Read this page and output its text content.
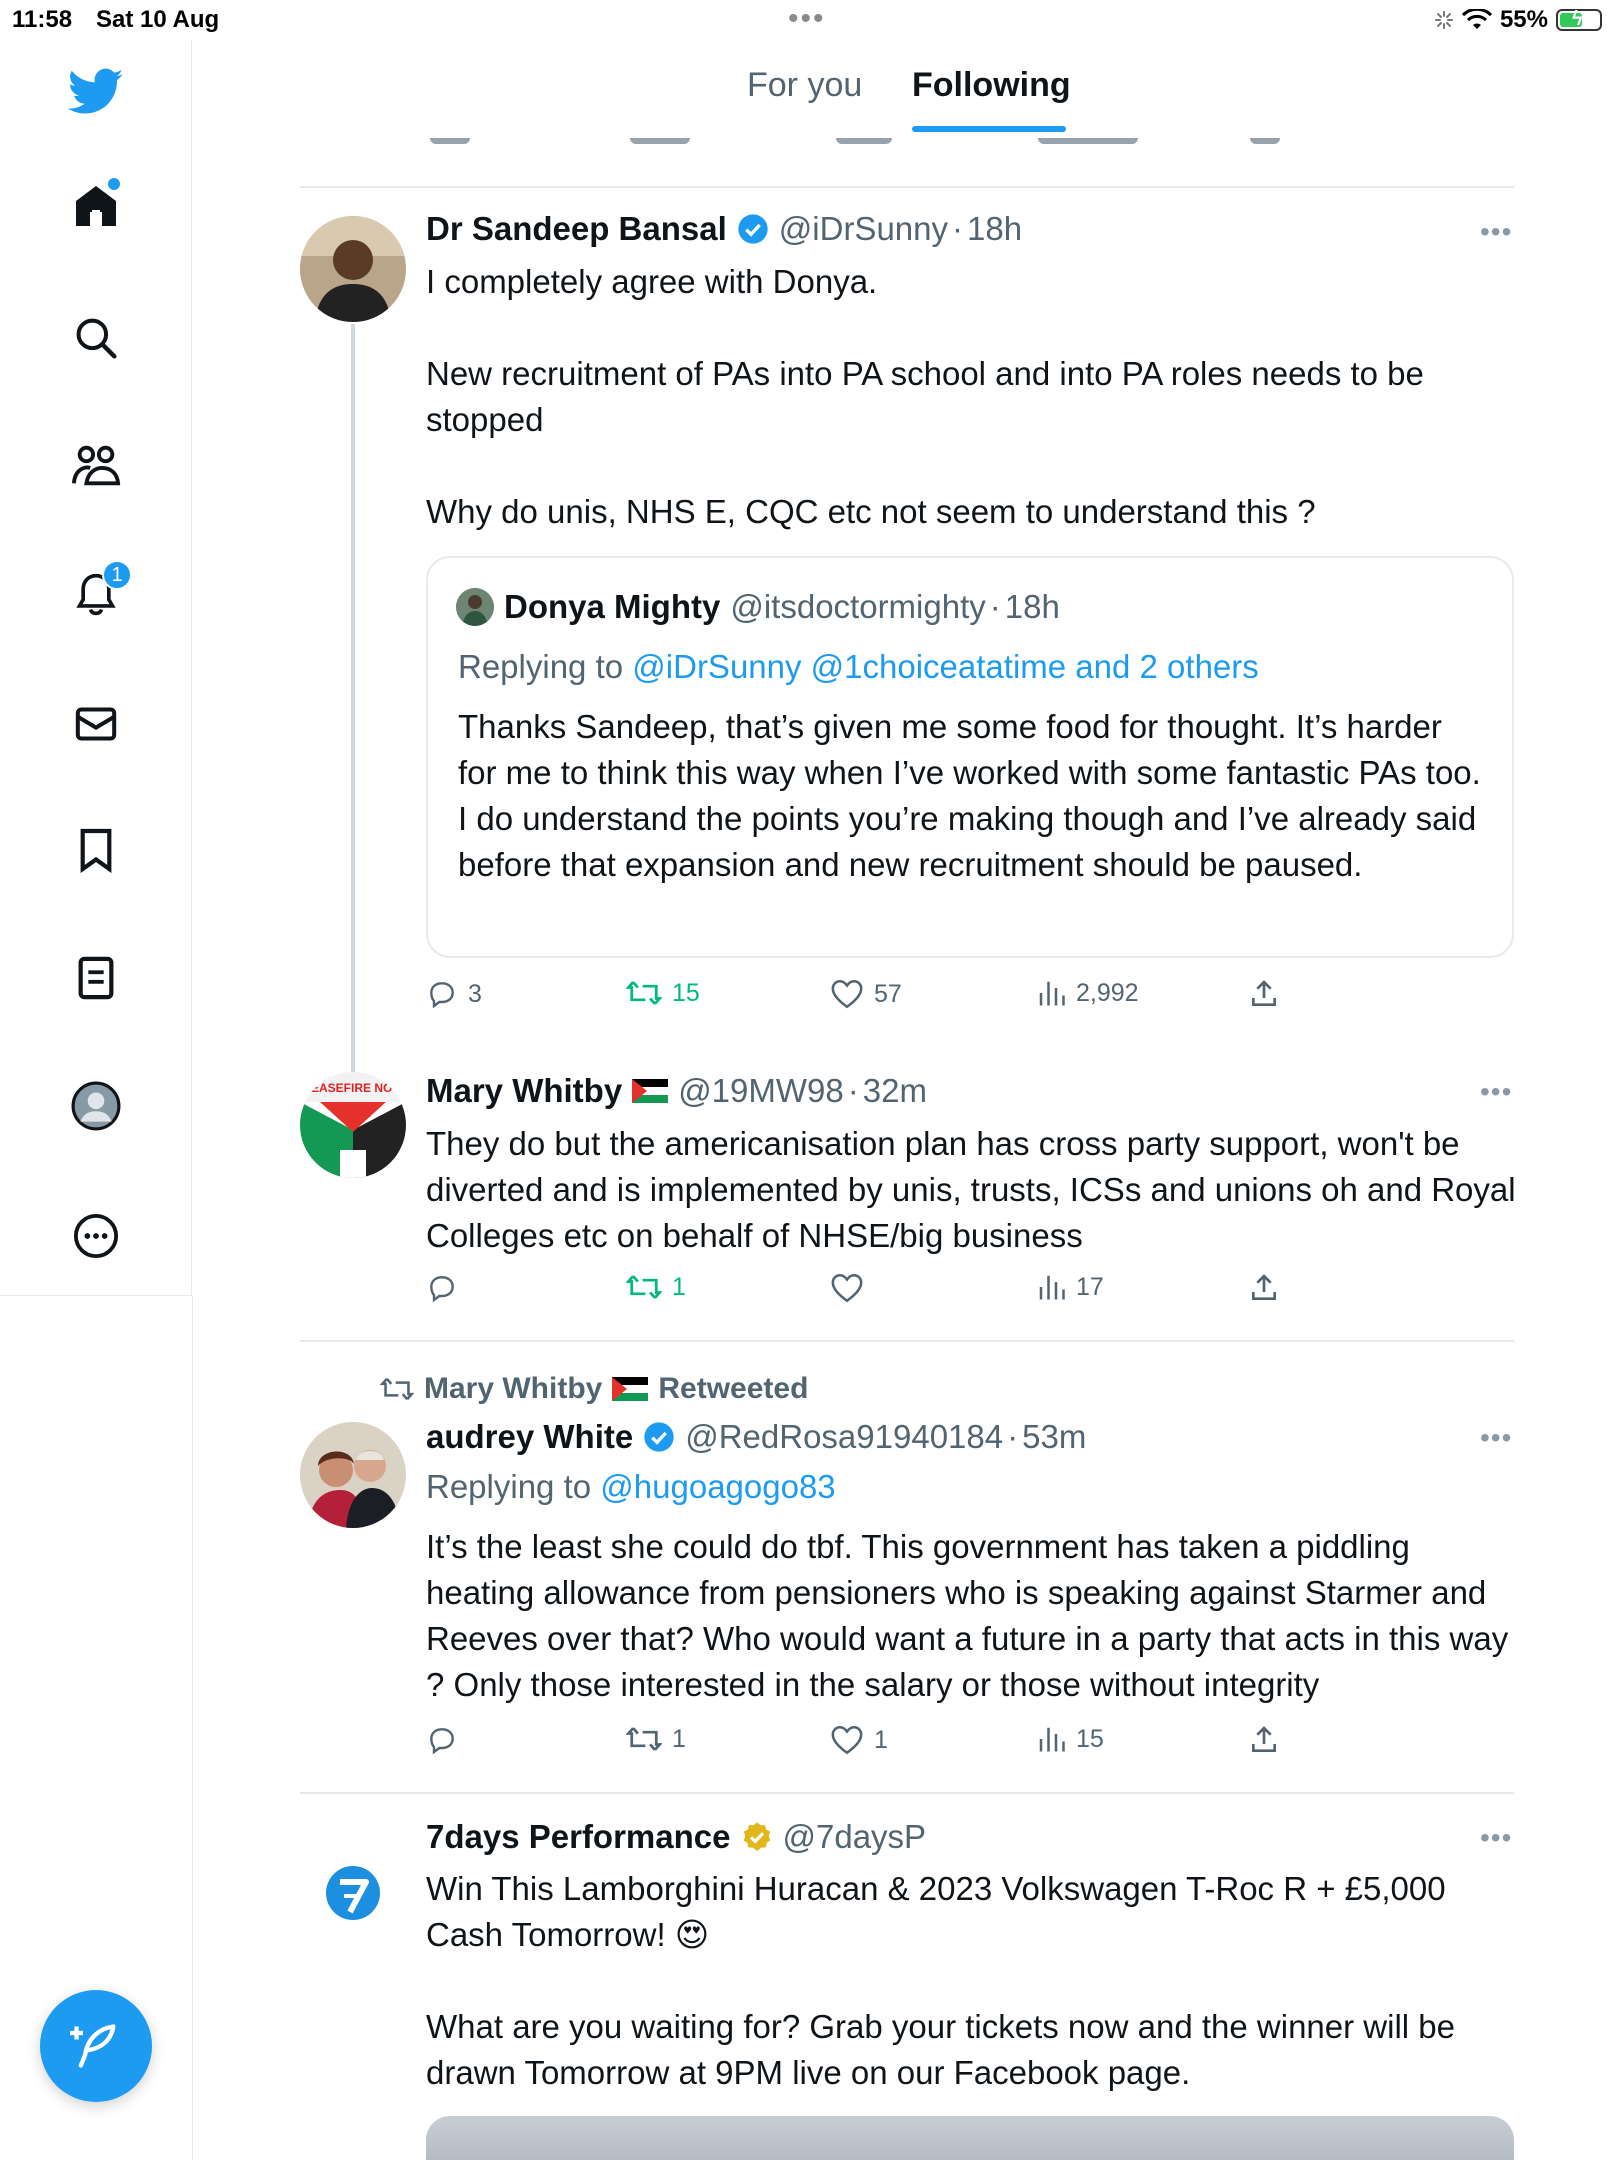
11:58 Sat 10 Aug	•••	55% ϟ
1
For you Following
Dr Sandeep Bansal @iDrSunny · 18h	•••

I completely agree with Donya.

New recruitment of PAs into PA school and into PA roles needs to be stopped

Why do unis, NHS E, CQC etc not seem to understand this ?

Donya Mighty @itsdoctormighty · 18h
Replying to @iDrSunny @1choiceatatime and 2 others
Thanks Sandeep, that’s given me some food for thought. It’s harder for me to think this way when I’ve worked with some fantastic PAs too. I do understand the points you’re making though and I’ve already said before that expansion and new recruitment should be paused.
3	15	57	2,992
CEASEFIRE NOW Mary Whitby @19MW98 · 32m	•••
They do but the americanisation plan has cross party support, won't be diverted and is implemented by unis, trusts, ICSs and unions oh and Royal Colleges etc on behalf of NHSE/big business
1	17
Mary Whitby Retweeted
audrey White @RedRosa91940184 · 53m	•••
Replying to @hugoagogo83
It’s the least she could do tbf. This government has taken a piddling heating allowance from pensioners who is speaking against Starmer and Reeves over that? Who would want a future in a party that acts in this way ? Only those interested in the salary or those without integrity
1	1	15
7days Performance @7daysP	•••

Win This Lamborghini Huracan & 2023 Volkswagen T-Roc R + £5,000 Cash Tomorrow! 😍

What are you waiting for? Grab your tickets now and the winner will be drawn Tomorrow at 9PM live on our Facebook page.
